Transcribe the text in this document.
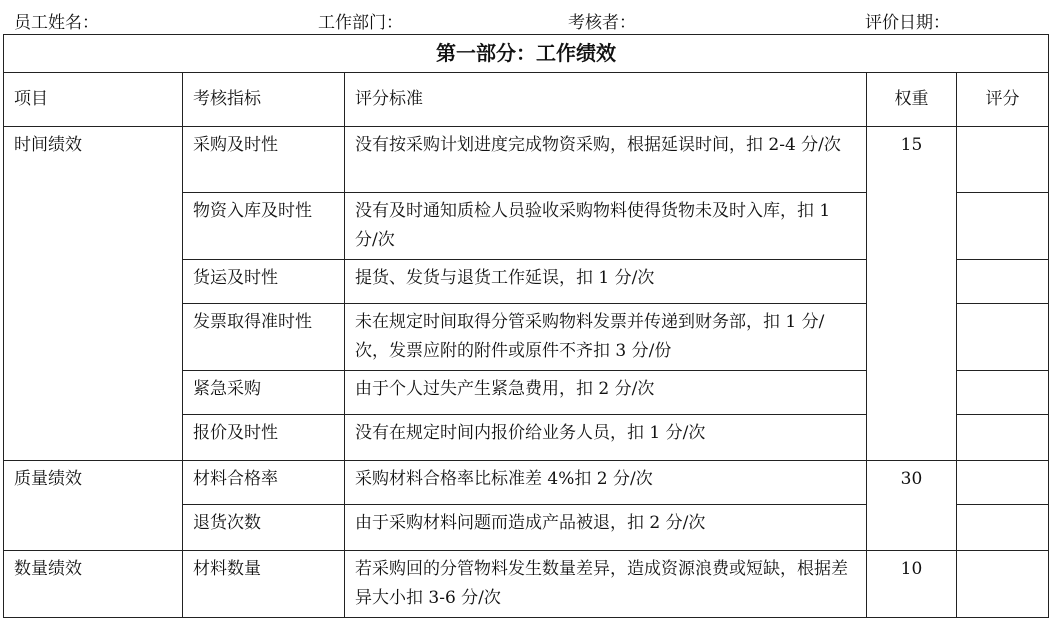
员工姓名：	工作部门：	考核者：	评价日期：
第一部分：工作绩效				
项目	考核指标	评分标准	权重	评分
时间绩效	采购及时性	没有按采购计划进度完成物资采购，根据延误时间，扣 2-4 分/次	15	
	物资入库及时性	没有及时通知质检人员验收采购物料使得货物未及时入库，扣 1 分/次		
	货运及时性	提货、发货与退货工作延误，扣 1 分/次		
	发票取得准时性	未在规定时间取得分管采购物料发票并传递到财务部，扣 1 分/次，发票应附的附件或原件不齐扣 3 分/份		
	紧急采购	由于个人过失产生紧急费用，扣 2 分/次		
	报价及时性	没有在规定时间内报价给业务人员，扣 1 分/次		
质量绩效	材料合格率	采购材料合格率比标准差 4%扣 2 分/次	30	
	退货次数	由于采购材料问题而造成产品被退，扣 2 分/次		
数量绩效	材料数量	若采购回的分管物料发生数量差异，造成资源浪费或短缺，根据差异大小扣 3-6 分/次	10	
